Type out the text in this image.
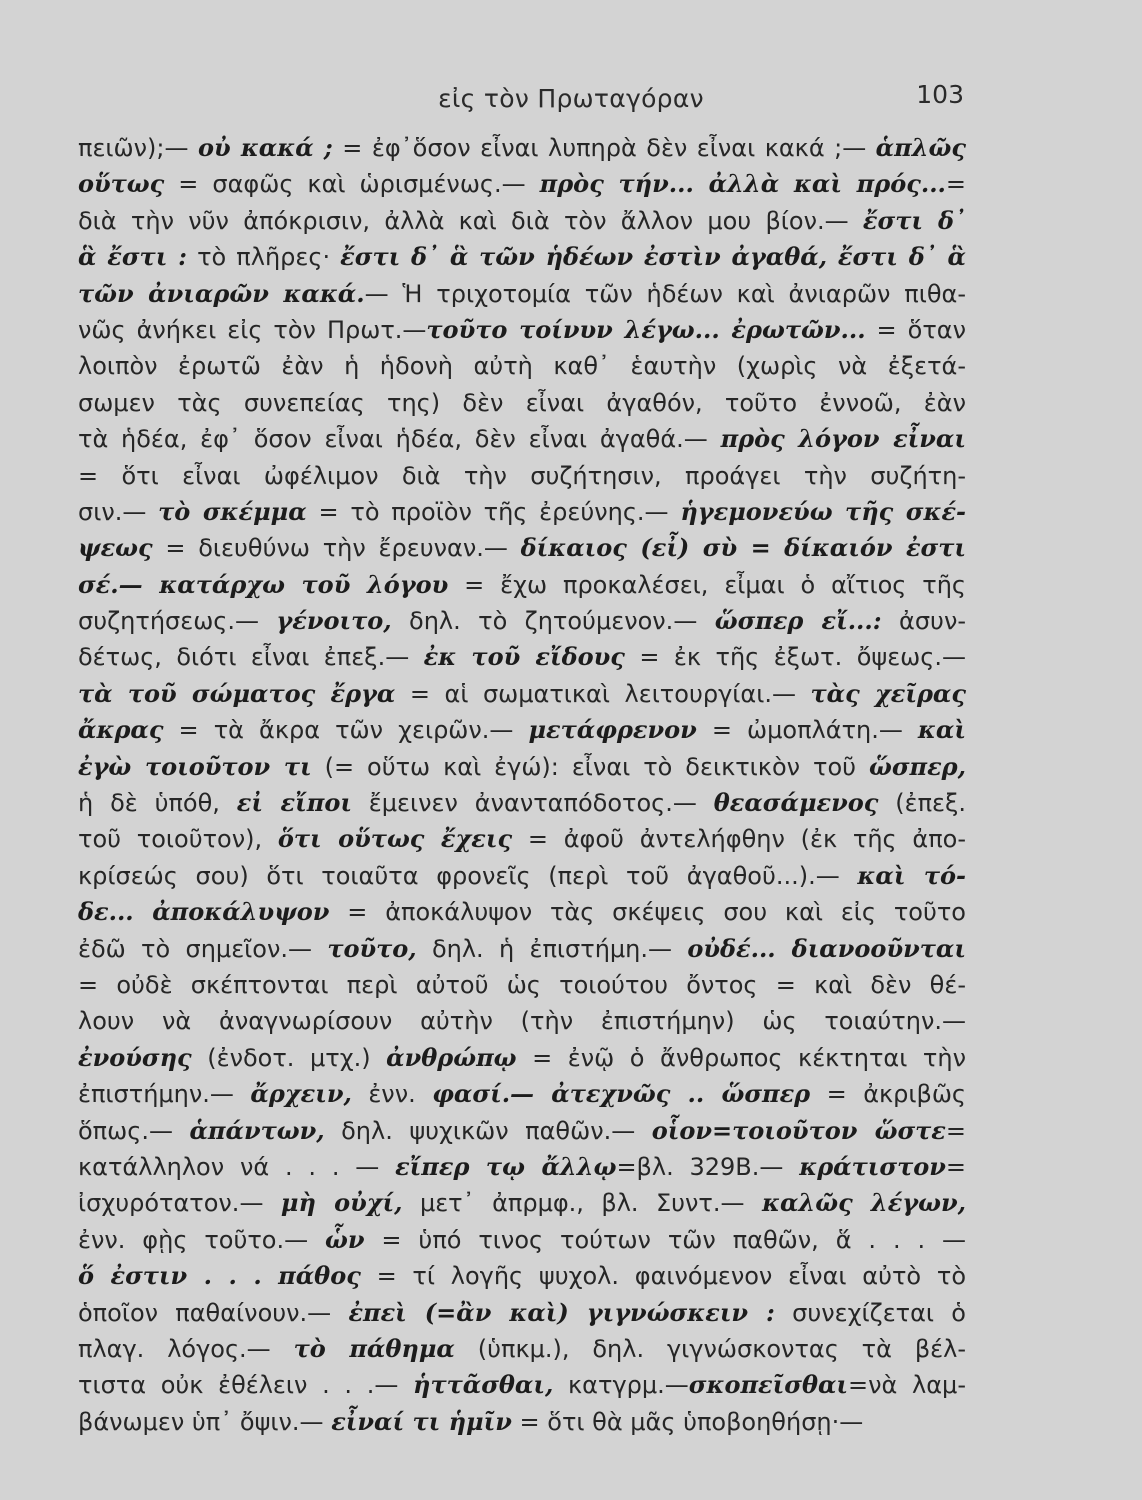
εἰς τὸν Πρωταγόραν	103
πειῶν);— οὐ κακά ; = ἐφ᾽ὅσον εἶναι λυπηρὰ δὲν εἶναι κακά ;— ἁπλῶς
οὕτως = σαφῶς καὶ ὡρισμένως.— πρὸς τήν... ἀλλὰ καὶ πρός...=
διὰ τὴν νῦν ἀπόκρισιν, ἀλλὰ καὶ διὰ τὸν ἄλλον μου βίον.— ἔστι δ᾽
ἃ ἔστι : τὸ πλῆρες· ἔστι δ᾽ ἃ τῶν ἡδέων ἐστὶν ἀγαθά, ἔστι δ᾽ ἃ
τῶν ἀνιαρῶν κακά.— Ἡ τριχοτομία τῶν ἡδέων καὶ ἀνιαρῶν πιθα-
νῶς ἀνήκει εἰς τὸν Πρωτ.—τοῦτο τοίνυν λέγω... ἐρωτῶν... = ὅταν
λοιπὸν ἐρωτῶ ἐὰν ἡ ἡδονὴ αὐτὴ καθ᾽ ἑαυτὴν (χωρὶς νὰ ἐξετά-
σωμεν τὰς συνεπείας της) δὲν εἶναι ἀγαθόν, τοῦτο ἐννοῶ, ἐὰν
τὰ ἡδέα, ἐφ᾽ ὅσον εἶναι ἡδέα, δὲν εἶναι ἀγαθά.— πρὸς λόγον εἶναι
= ὅτι εἶναι ὠφέλιμον διὰ τὴν συζήτησιν, προάγει τὴν συζήτη-
σιν.— τὸ σκέμμα = τὸ προϊὸν τῆς ἐρεύνης.— ἡγεμονεύω τῆς σκέ-
ψεως = διευθύνω τὴν ἔρευναν.— δίκαιος (εἶ) σὺ = δίκαιόν ἐστι
σέ.— κατάρχω τοῦ λόγου = ἔχω προκαλέσει, εἶμαι ὁ αἴτιος τῆς
συζητήσεως.— γένοιτο, δηλ. τὸ ζητούμενον.— ὥσπερ εἴ...: ἀσυν-
δέτως, διότι εἶναι ἐπεξ.— ἐκ τοῦ εἴδους = ἐκ τῆς ἐξωτ. ὄψεως.—
τὰ τοῦ σώματος ἔργα = αἱ σωματικαὶ λειτουργίαι.— τὰς χεῖρας
ἄκρας = τὰ ἄκρα τῶν χειρῶν.— μετάφρενον = ὠμοπλάτη.— καὶ
ἐγὼ τοιοῦτον τι (= οὕτω καὶ ἐγώ): εἶναι τὸ δεικτικὸν τοῦ ὥσπερ,
ἡ δὲ ὑπόθ, εἰ εἴποι ἔμεινεν ἀνανταπόδοτος.— θεασάμενος (ἐπεξ.
τοῦ τοιοῦτον), ὅτι οὕτως ἔχεις = ἀφοῦ ἀντελήφθην (ἐκ τῆς ἀπο-
κρίσεώς σου) ὅτι τοιαῦτα φρονεῖς (περὶ τοῦ ἀγαθοῦ...).— καὶ τό-
δε... ἀποκάλυψον = ἀποκάλυψον τὰς σκέψεις σου καὶ εἰς τοῦτο
ἐδῶ τὸ σημεῖον.— τοῦτο, δηλ. ἡ ἐπιστήμη.— οὐδέ... διανοοῦνται
= οὐδὲ σκέπτονται περὶ αὐτοῦ ὡς τοιούτου ὄντος = καὶ δὲν θέ-
λουν νὰ ἀναγνωρίσουν αὐτὴν (τὴν ἐπιστήμην) ὡς τοιαύτην.—
ἐνούσης (ἐνδοτ. μτχ.) ἀνθρώπῳ = ἐνῷ ὁ ἄνθρωπος κέκτηται τὴν
ἐπιστήμην.— ἄρχειν, ἐνν. φασί.— ἀτεχνῶς .. ὥσπερ = ἀκριβῶς
ὅπως.— ἁπάντων, δηλ. ψυχικῶν παθῶν.— οἷον=τοιοῦτον ὥστε=
κατάλληλον νά . . . — εἴπερ τῳ ἄλλῳ=βλ. 329Β.— κράτιστον=
ἰσχυρότατον.— μὴ οὐχί, μετ᾽ ἀπρμφ., βλ. Συντ.— καλῶς λέγων,
ἐνν. φῂς τοῦτο.— ὧν = ὑπό τινος τούτων τῶν παθῶν, ἅ . . . —
ὅ ἐστιν . . . πάθος = τί λογῆς ψυχολ. φαινόμενον εἶναι αὐτὸ τὸ
ὁποῖον παθαίνουν.— ἐπεὶ (=ἂν καὶ) γιγνώσκειν : συνεχίζεται ὁ
πλαγ. λόγος.— τὸ πάθημα (ὑπκμ.), δηλ. γιγνώσκοντας τὰ βέλ-
τιστα οὐκ ἐθέλειν . . .— ἡττᾶσθαι, κατγρμ.—σκοπεῖσθαι=νὰ λαμ-
βάνωμεν ὑπ᾽ ὄψιν.— εἶναί τι ἡμῖν = ὅτι θὰ μᾶς ὑποβοηθήσῃ·—
